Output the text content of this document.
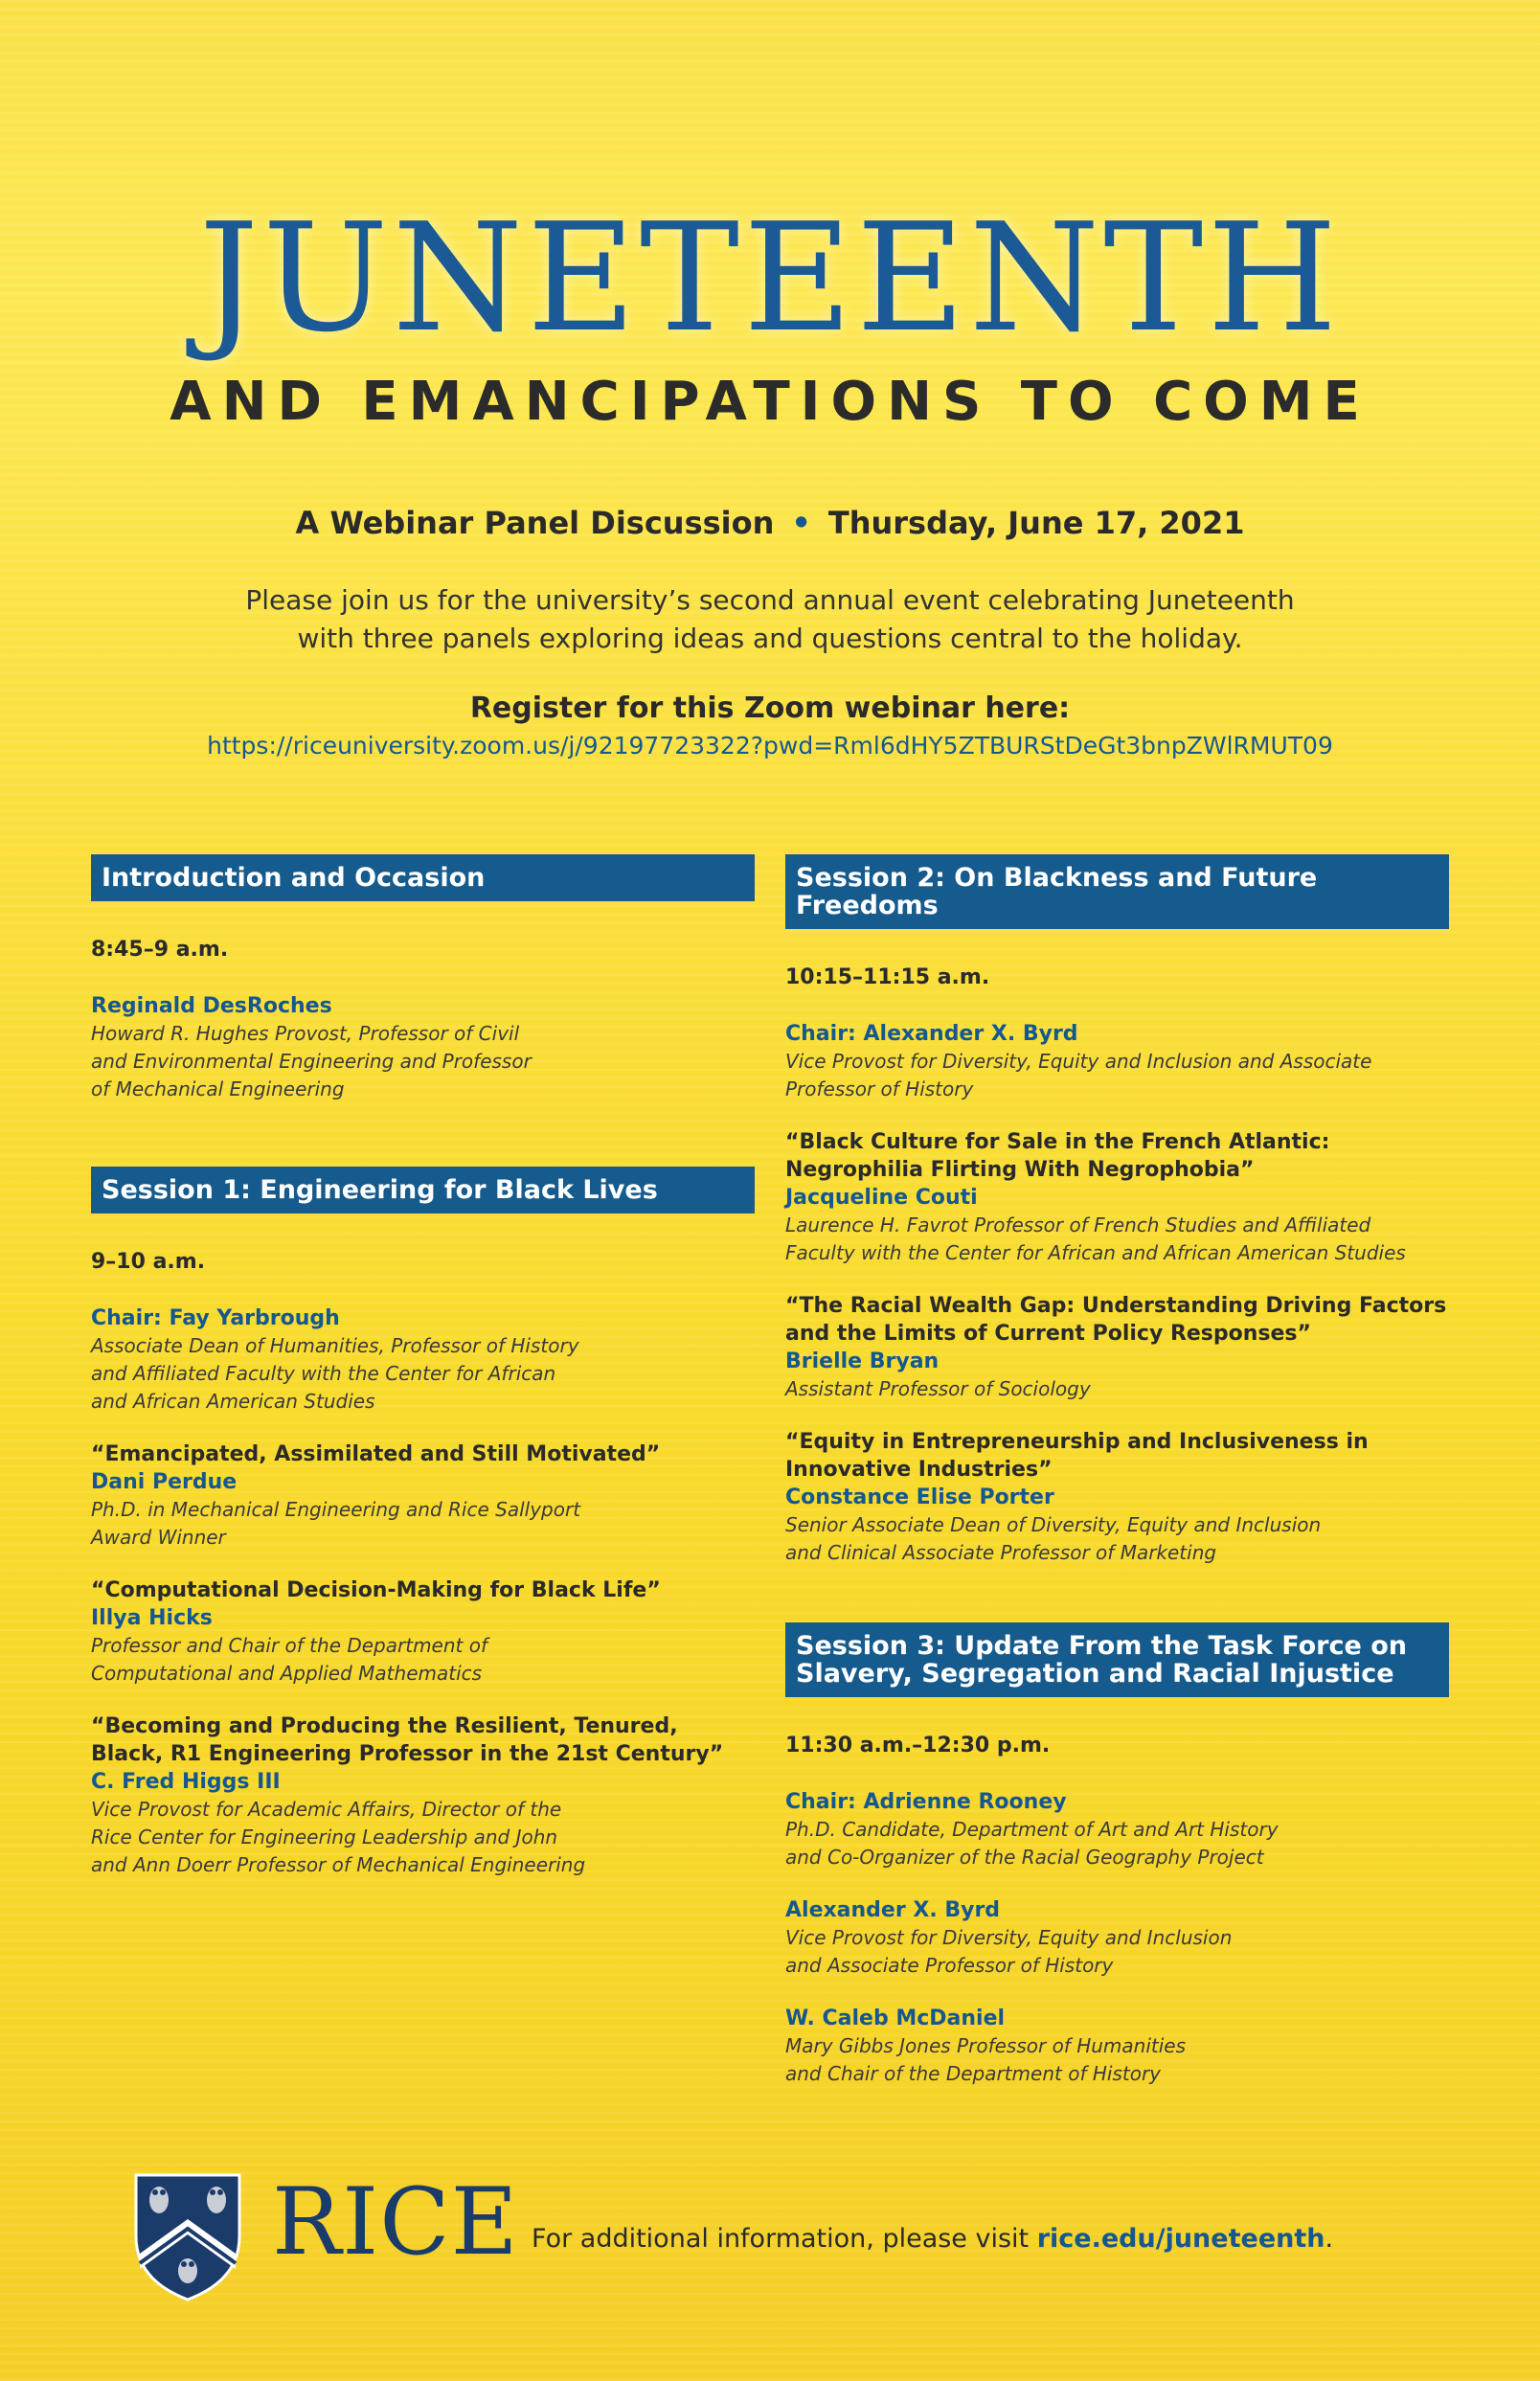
JUNETEENTH
AND EMANCIPATIONS TO COME
A Webinar Panel Discussion • Thursday, June 17, 2021
Please join us for the university’s second annual event celebrating Juneteenth
with three panels exploring ideas and questions central to the holiday.
Register for this Zoom webinar here:
https://riceuniversity.zoom.us/j/92197723322?pwd=Rml6dHY5ZTBURStDeGt3bnpZWlRMUT09
Introduction and Occasion
8:45–9 a.m.
Reginald DesRoches
Howard R. Hughes Provost, Professor of Civil
and Environmental Engineering and Professor
of Mechanical Engineering
Session 1: Engineering for Black Lives
9–10 a.m.
Chair: Fay Yarbrough
Associate Dean of Humanities, Professor of History
and Affiliated Faculty with the Center for African
and African American Studies
“Emancipated, Assimilated and Still Motivated”
Dani Perdue
Ph.D. in Mechanical Engineering and Rice Sallyport
Award Winner
“Computational Decision-Making for Black Life”
Illya Hicks
Professor and Chair of the Department of
Computational and Applied Mathematics
“Becoming and Producing the Resilient, Tenured,
Black, R1 Engineering Professor in the 21st Century”
C. Fred Higgs III
Vice Provost for Academic Affairs, Director of the
Rice Center for Engineering Leadership and John
and Ann Doerr Professor of Mechanical Engineering
Session 2: On Blackness and Future Freedoms
10:15–11:15 a.m.
Chair: Alexander X. Byrd
Vice Provost for Diversity, Equity and Inclusion and Associate
Professor of History
“Black Culture for Sale in the French Atlantic:
Negrophilia Flirting With Negrophobia”
Jacqueline Couti
Laurence H. Favrot Professor of French Studies and Affiliated
Faculty with the Center for African and African American Studies
“The Racial Wealth Gap: Understanding Driving Factors
and the Limits of Current Policy Responses”
Brielle Bryan
Assistant Professor of Sociology
“Equity in Entrepreneurship and Inclusiveness in
Innovative Industries”
Constance Elise Porter
Senior Associate Dean of Diversity, Equity and Inclusion
and Clinical Associate Professor of Marketing
Session 3: Update From the Task Force on
Slavery, Segregation and Racial Injustice
11:30 a.m.–12:30 p.m.
Chair: Adrienne Rooney
Ph.D. Candidate, Department of Art and Art History
and Co-Organizer of the Racial Geography Project
Alexander X. Byrd
Vice Provost for Diversity, Equity and Inclusion
and Associate Professor of History
W. Caleb McDaniel
Mary Gibbs Jones Professor of Humanities
and Chair of the Department of History
RICE For additional information, please visit rice.edu/juneteenth.
